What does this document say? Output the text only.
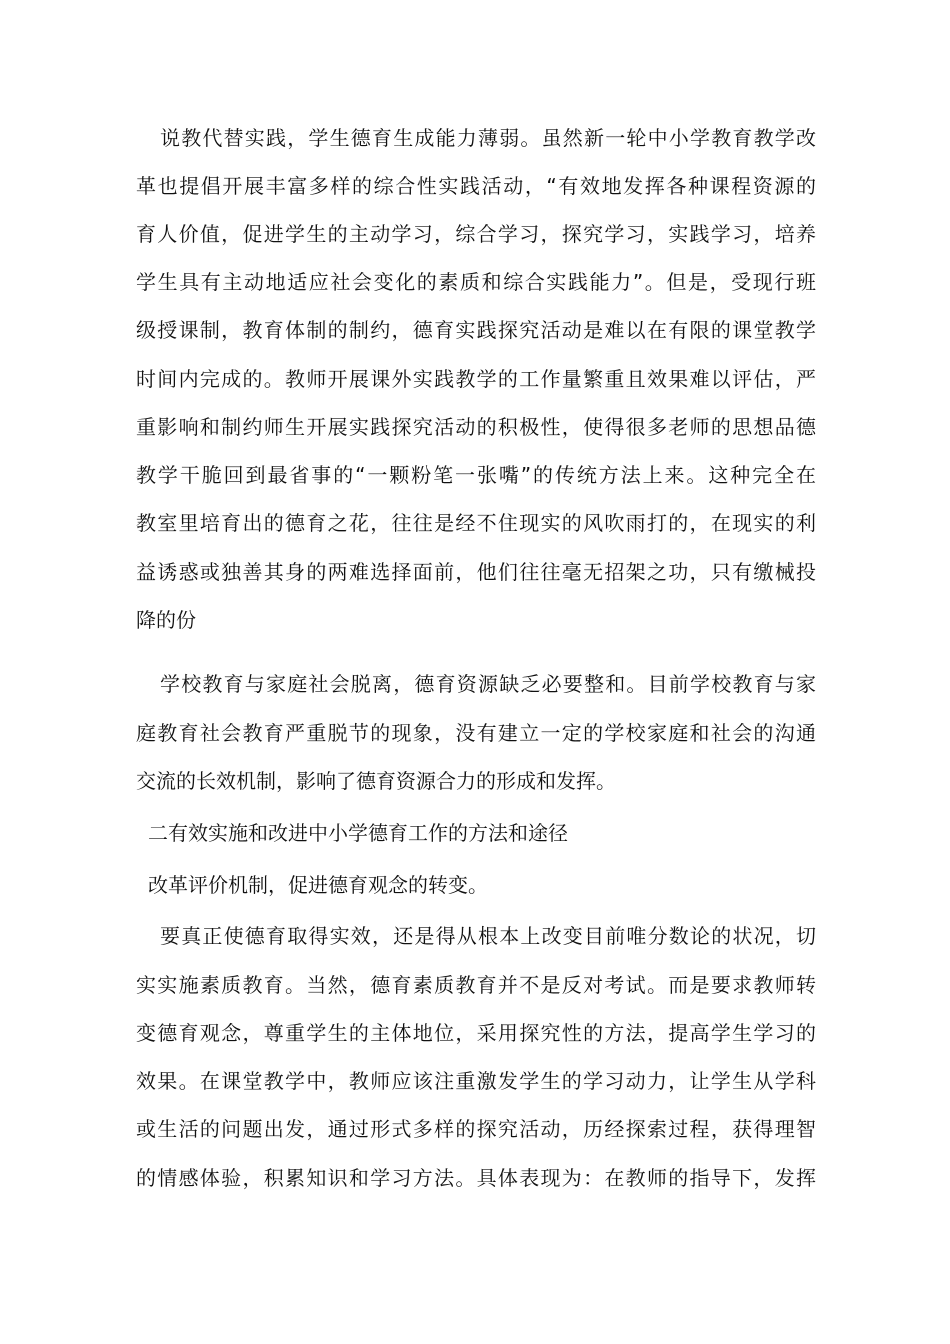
说教代替实践，学生德育生成能力薄弱。虽然新一轮中小学教育教学改
革也提倡开展丰富多样的综合性实践活动，“有效地发挥各种课程资源的
育人价值，促进学生的主动学习，综合学习，探究学习，实践学习，培养
学生具有主动地适应社会变化的素质和综合实践能力”。但是，受现行班
级授课制，教育体制的制约，德育实践探究活动是难以在有限的课堂教学
时间内完成的。教师开展课外实践教学的工作量繁重且效果难以评估，严
重影响和制约师生开展实践探究活动的积极性，使得很多老师的思想品德
教学干脆回到最省事的“一颗粉笔一张嘴”的传统方法上来。这种完全在
教室里培育出的德育之花，往往是经不住现实的风吹雨打的，在现实的利
益诱惑或独善其身的两难选择面前，他们往往毫无招架之功，只有缴械投
降的份
学校教育与家庭社会脱离，德育资源缺乏必要整和。目前学校教育与家
庭教育社会教育严重脱节的现象，没有建立一定的学校家庭和社会的沟通
交流的长效机制，影响了德育资源合力的形成和发挥。
二有效实施和改进中小学德育工作的方法和途径
改革评价机制，促进德育观念的转变。
要真正使德育取得实效，还是得从根本上改变目前唯分数论的状况，切
实实施素质教育。当然，德育素质教育并不是反对考试。而是要求教师转
变德育观念，尊重学生的主体地位，采用探究性的方法，提高学生学习的
效果。在课堂教学中，教师应该注重激发学生的学习动力，让学生从学科
或生活的问题出发，通过形式多样的探究活动，历经探索过程，获得理智
的情感体验，积累知识和学习方法。具体表现为：在教师的指导下，发挥
